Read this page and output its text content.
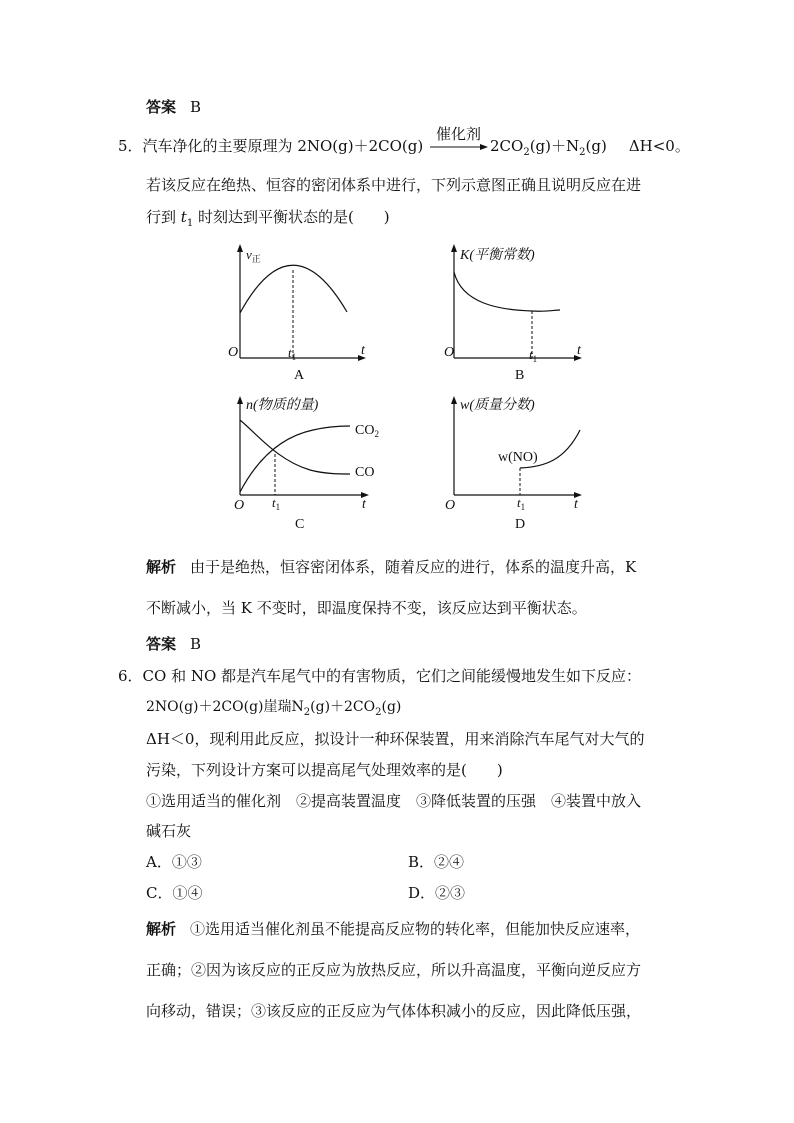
答案 B
5．汽车净化的主要原理为 2NO(g)＋2CO(g)
催化剂
$2CO_2(g)+N_2(g)$ ΔH<0。
若该反应在绝热、恒容的密闭体系中进行，下列示意图正确且说明反应在进
行到 $t_1$ 时刻达到平衡状态的是(　　)
$v_正$
O	t
$t_1$
A
K(平衡常数)
O	t
$t_1$
B
n(物质的量)
$CO_2$
CO
O	t
$t_1$
C
w(质量分数)
w(NO)
O	t
$t_1$
D
解析 由于是绝热，恒容密闭体系，随着反应的进行，体系的温度升高，K
不断减小，当 K 不变时，即温度保持不变，该反应达到平衡状态。
答案 B
6．CO 和 NO 都是汽车尾气中的有害物质，它们之间能缓慢地发生如下反应：
2NO(g)＋2CO(g)崖瑞$N_2(g)+2CO_2(g)$
ΔH＜0，现利用此反应，拟设计一种环保装置，用来消除汽车尾气对大气的
污染，下列设计方案可以提高尾气处理效率的是(　　)
①选用适当的催化剂　②提高装置温度　③降低装置的压强　④装置中放入
碱石灰
A．①③	B．②④
C．①④	D．②③
解析 ①选用适当催化剂虽不能提高反应物的转化率，但能加快反应速率，
正确；②因为该反应的正反应为放热反应，所以升高温度，平衡向逆反应方
向移动，错误；③该反应的正反应为气体体积减小的反应，因此降低压强，
